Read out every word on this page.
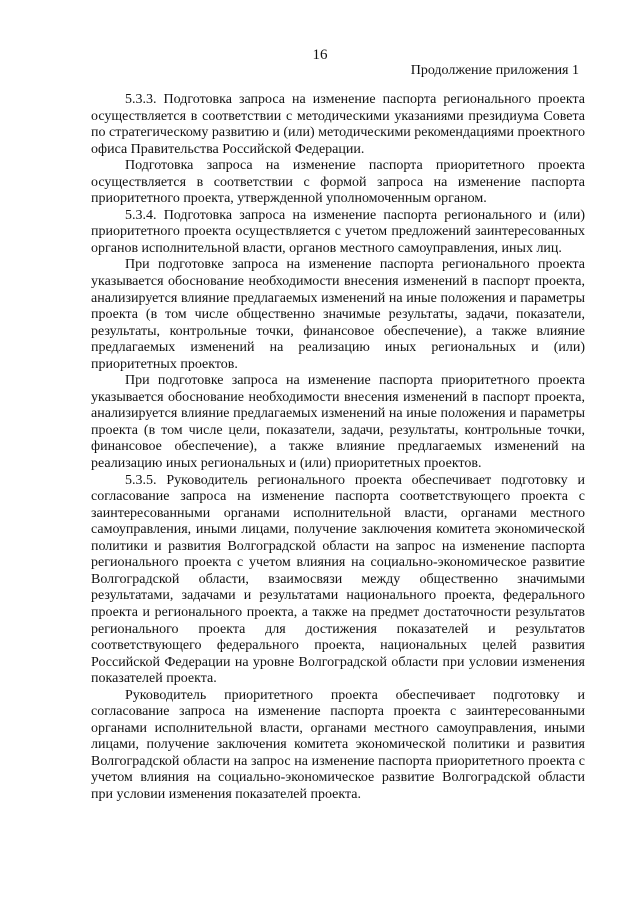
16
Продолжение приложения 1

5.3.3. Подготовка запроса на изменение паспорта регионального проекта осуществляется в соответствии с методическими указаниями президиума Совета по стратегическому развитию и (или) методическими рекомендациями проектного офиса Правительства Российской Федерации.

Подготовка запроса на изменение паспорта приоритетного проекта осуществляется в соответствии с формой запроса на изменение паспорта приоритетного проекта, утвержденной уполномоченным органом.

5.3.4. Подготовка запроса на изменение паспорта регионального и (или) приоритетного проекта осуществляется с учетом предложений заинтересованных органов исполнительной власти, органов местного самоуправления, иных лиц.

При подготовке запроса на изменение паспорта регионального проекта указывается обоснование необходимости внесения изменений в паспорт проекта, анализируется влияние предлагаемых изменений на иные положения и параметры проекта (в том числе общественно значимые результаты, задачи, показатели, результаты, контрольные точки, финансовое обеспечение), а также влияние предлагаемых изменений на реализацию иных региональных и (или) приоритетных проектов.

При подготовке запроса на изменение паспорта приоритетного проекта указывается обоснование необходимости внесения изменений в паспорт проекта, анализируется влияние предлагаемых изменений на иные положения и параметры проекта (в том числе цели, показатели, задачи, результаты, контрольные точки, финансовое обеспечение), а также влияние предлагаемых изменений на реализацию иных региональных и (или) приоритетных проектов.

5.3.5. Руководитель регионального проекта обеспечивает подготовку и согласование запроса на изменение паспорта соответствующего проекта с заинтересованными органами исполнительной власти, органами местного самоуправления, иными лицами, получение заключения комитета экономической политики и развития Волгоградской области на запрос на изменение паспорта регионального проекта с учетом влияния на социально-экономическое развитие Волгоградской области, взаимосвязи между общественно значимыми результатами, задачами и результатами национального проекта, федерального проекта и регионального проекта, а также на предмет достаточности результатов регионального проекта для достижения показателей и результатов соответствующего федерального проекта, национальных целей развития Российской Федерации на уровне Волгоградской области при условии изменения показателей проекта.

Руководитель приоритетного проекта обеспечивает подготовку и согласование запроса на изменение паспорта проекта с заинтересованными органами исполнительной власти, органами местного самоуправления, иными лицами, получение заключения комитета экономической политики и развития Волгоградской области на запрос на изменение паспорта приоритетного проекта с учетом влияния на социально-экономическое развитие Волгоградской области при условии изменения показателей проекта.
